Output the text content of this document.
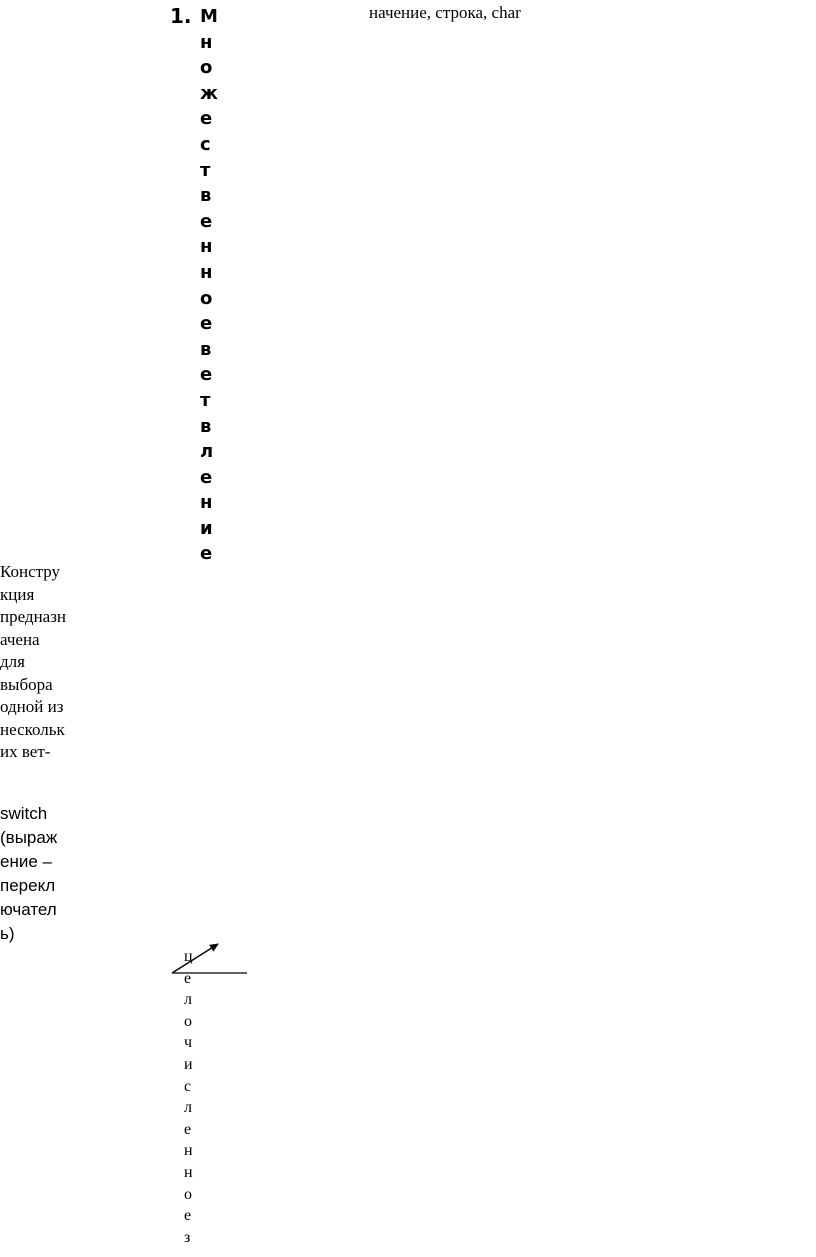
1. М
н
о
ж
е
с
т
в
е
н
н
о
е
в
е
т
в
л
е
н
и
е
начение, строка, char
Констру
кция
предназн
ачена
для
выбора
одной из
нескольк
их вет-
switch
(выраж
ение –
перекл
ючател
ь)
ц
е
л
о
ч
и
с
л
е
н
н
о
е
з
